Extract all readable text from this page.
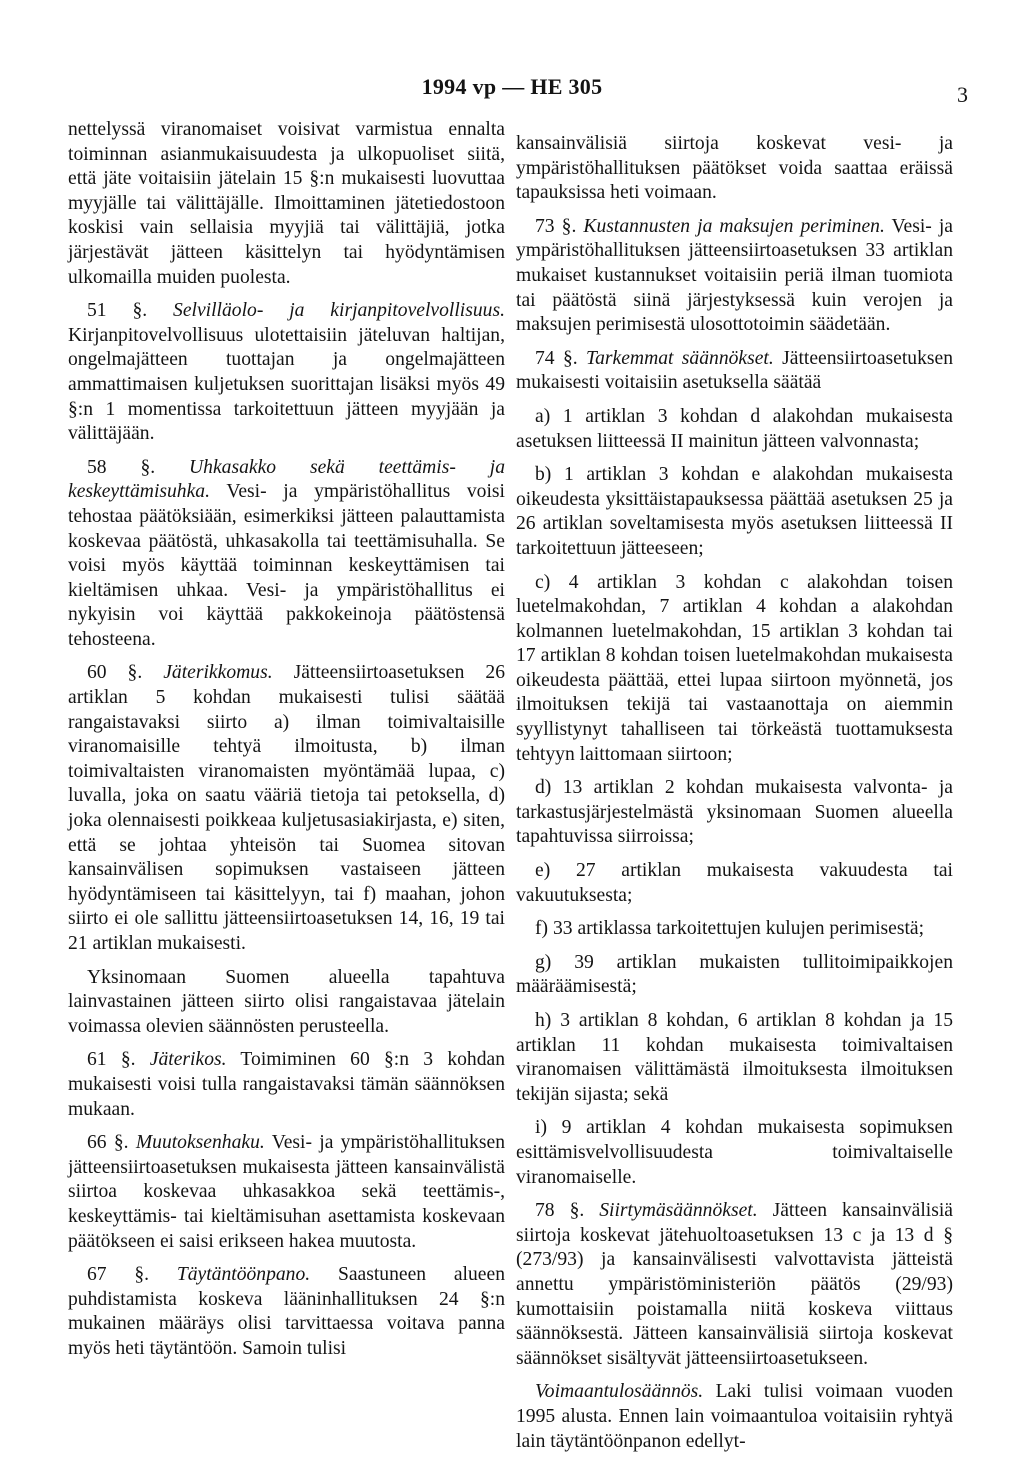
1994 vp — HE 305	3

nettelyssä viranomaiset voisivat varmistua ennalta toiminnan asianmukaisuudesta ja ulkopuoliset siitä, että jäte voitaisiin jätelain 15 §:n mukaisesti luovuttaa myyjälle tai välittäjälle. Ilmoittaminen jätetiedostoon koskisi vain sellaisia myyjiä tai välittäjiä, jotka järjestävät jätteen käsittelyn tai hyödyntämisen ulkomailla muiden puolesta.

51 §. Selvilläolo- ja kirjanpitovelvollisuus. Kirjanpitovelvollisuus ulotettaisiin jäteluvan haltijan, ongelmajätteen tuottajan ja ongelmajätteen ammattimaisen kuljetuksen suorittajan lisäksi myös 49 §:n 1 momentissa tarkoitettuun jätteen myyjään ja välittäjään.

58 §. Uhkasakko sekä teettämis- ja keskeyttämisuhka. Vesi- ja ympäristöhallitus voisi tehostaa päätöksiään, esimerkiksi jätteen palauttamista koskevaa päätöstä, uhkasakolla tai teettämisuhalla. Se voisi myös käyttää toiminnan keskeyttämisen tai kieltämisen uhkaa. Vesi- ja ympäristöhallitus ei nykyisin voi käyttää pakkokeinoja päätöstensä tehosteena.

60 §. Jäterikkomus. Jätteensiirtoasetuksen 26 artiklan 5 kohdan mukaisesti tulisi säätää rangaistavaksi siirto a) ilman toimivaltaisille viranomaisille tehtyä ilmoitusta, b) ilman toimivaltaisten viranomaisten myöntämää lupaa, c) luvalla, joka on saatu vääriä tietoja tai petoksella, d) joka olennaisesti poikkeaa kuljetusasiakirjasta, e) siten, että se johtaa yhteisön tai Suomea sitovan kansainvälisen sopimuksen vastaiseen jätteen hyödyntämiseen tai käsittelyyn, tai f) maahan, johon siirto ei ole sallittu jätteensiirtoasetuksen 14, 16, 19 tai 21 artiklan mukaisesti.

Yksinomaan Suomen alueella tapahtuva lainvastainen jätteen siirto olisi rangaistavaa jätelain voimassa olevien säännösten perusteella.

61 §. Jäterikos. Toimiminen 60 §:n 3 kohdan mukaisesti voisi tulla rangaistavaksi tämän säännöksen mukaan.

66 §. Muutoksenhaku. Vesi- ja ympäristöhallituksen jätteensiirtoasetuksen mukaisesta jätteen kansainvälistä siirtoa koskevaa uhkasakkoa sekä teettämis-, keskeyttämis- tai kieltämisuhan asettamista koskevaan päätökseen ei saisi erikseen hakea muutosta.

67 §. Täytäntöönpano. Saastuneen alueen puhdistamista koskeva lääninhallituksen 24 §:n mukainen määräys olisi tarvittaessa voitava panna myös heti täytäntöön. Samoin tulisi

kansainvälisiä siirtoja koskevat vesi- ja ympäristöhallituksen päätökset voida saattaa eräissä tapauksissa heti voimaan.

73 §. Kustannusten ja maksujen periminen. Vesi- ja ympäristöhallituksen jätteensiirtoasetuksen 33 artiklan mukaiset kustannukset voitaisiin periä ilman tuomiota tai päätöstä siinä järjestyksessä kuin verojen ja maksujen perimisestä ulosottotoimin säädetään.

74 §. Tarkemmat säännökset. Jätteensiirtoasetuksen mukaisesti voitaisiin asetuksella säätää

a) 1 artiklan 3 kohdan d alakohdan mukaisesta asetuksen liitteessä II mainitun jätteen valvonnasta;

b) 1 artiklan 3 kohdan e alakohdan mukaisesta oikeudesta yksittäistapauksessa päättää asetuksen 25 ja 26 artiklan soveltamisesta myös asetuksen liitteessä II tarkoitettuun jätteeseen;

c) 4 artiklan 3 kohdan c alakohdan toisen luetelmakohdan, 7 artiklan 4 kohdan a alakohdan kolmannen luetelmakohdan, 15 artiklan 3 kohdan tai 17 artiklan 8 kohdan toisen luetelmakohdan mukaisesta oikeudesta päättää, ettei lupaa siirtoon myönnetä, jos ilmoituksen tekijä tai vastaanottaja on aiemmin syyllistynyt tahalliseen tai törkeästä tuottamuksesta tehtyyn laittomaan siirtoon;

d) 13 artiklan 2 kohdan mukaisesta valvonta- ja tarkastusjärjestelmästä yksinomaan Suomen alueella tapahtuvissa siirroissa;

e) 27 artiklan mukaisesta vakuudesta tai vakuutuksesta;

f) 33 artiklassa tarkoitettujen kulujen perimisestä;

g) 39 artiklan mukaisten tullitoimipaikkojen määräämisestä;

h) 3 artiklan 8 kohdan, 6 artiklan 8 kohdan ja 15 artiklan 11 kohdan mukaisesta toimivaltaisen viranomaisen välittämästä ilmoituksesta ilmoituksen tekijän sijasta; sekä

i) 9 artiklan 4 kohdan mukaisesta sopimuksen esittämisvelvollisuudesta toimivaltaiselle viranomaiselle.

78 §. Siirtymäsäännökset. Jätteen kansainvälisiä siirtoja koskevat jätehuoltoasetuksen 13 c ja 13 d § (273/93) ja kansainvälisesti valvottavista jätteistä annettu ympäristöministeriön päätös (29/93) kumottaisiin poistamalla niitä koskeva viittaus säännöksestä. Jätteen kansainvälisiä siirtoja koskevat säännökset sisältyvät jätteensiirtoasetukseen.

Voimaantulosäännös. Laki tulisi voimaan vuoden 1995 alusta. Ennen lain voimaantuloa voitaisiin ryhtyä lain täytäntöönpanon edellyt-
